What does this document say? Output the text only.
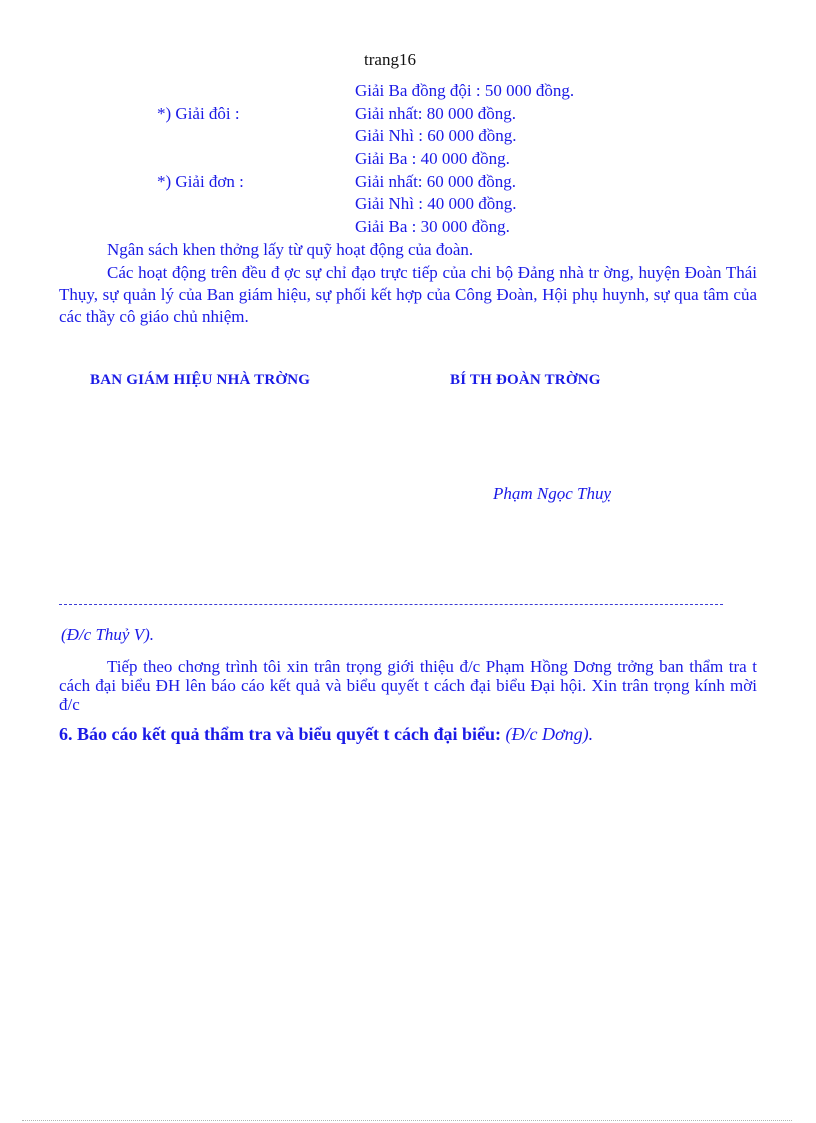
trang16
Giải Ba đồng đội : 50 000 đồng.
*) Giải đôi :	Giải nhất: 80 000 đồng.
Giải Nhì : 60 000 đồng.
Giải Ba : 40 000 đồng.
*) Giải đơn :	Giải nhất: 60 000 đồng.
Giải Nhì : 40 000 đồng.
Giải Ba : 30 000 đồng.
Ngân sách khen thởng lấy từ quỹ hoạt động của đoàn.
Các hoạt động trên đều đ ợc sự chỉ đạo trực tiếp của chi bộ Đảng nhà tr ờng, huyện Đoàn Thái Thụy, sự quản lý của Ban giám hiệu, sự phối kết hợp của Công Đoàn, Hội phụ huynh, sự qua tâm của các thầy cô giáo chủ nhiệm.
BAN GIÁM HIỆU NHÀ TRỜNG	BÍ TH ĐOÀN TRỜNG
Phạm Ngọc Thuỵ
(Đ/c Thuỷ V).
Tiếp theo chơng trình tôi xin trân trọng giới thiệu đ/c Phạm Hồng Dơng trởng ban thẩm tra t cách đại biểu ĐH lên báo cáo kết quả và biểu quyết t cách đại biểu Đại hội. Xin trân trọng kính mời đ/c
6. Báo cáo kết quả thẩm tra và biểu quyết t cách đại biểu: (Đ/c Dơng).
